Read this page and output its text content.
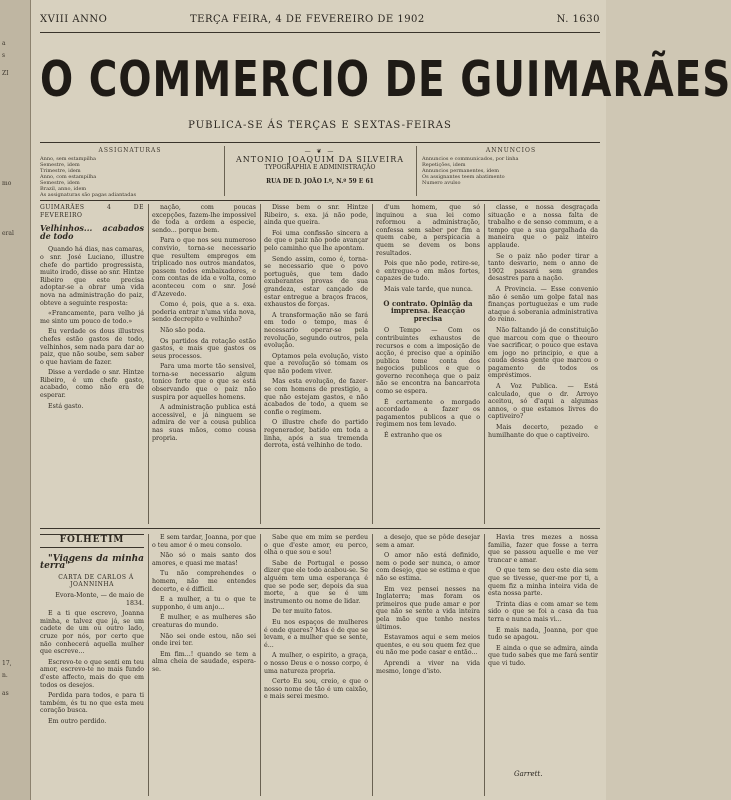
a
s
ZI
mo
eral
17,
n.
as
XVIII ANNO	TERÇA FEIRA, 4 DE FEVEREIRO DE 1902	N. 1630
O COMMERCIO DE GUIMARÃES
PUBLICA-SE ÁS TERÇAS E SEXTAS-FEIRAS
ASSIGNATURAS
Anno, sem estampilha
Semestre, idem
Trimestre, idem
Anno, com estampilha
Semestre, idem
Brazil, anno, idem
As assignaturas são pagas adiantadas
— ❦ —
ANTONIO JOAQUIM DA SILVEIRA
TYPOGRAPHIA E ADMINISTRAÇÃO
RUA DE D. JOÃO I.º, N.º 59 E 61
ANNUNCIOS
Annuncios e communicados, por linha
Repetições, idem
Annuncios permanentes, idem
Os assignantes teem abatimento
Numero avulso

GUIMARÃES 4 DE FEVEREIRO

Velhinhos... acabados de todo

Quando há dias, nas camaras, o snr. José Luciano, illustre chefe do partido progressista, muito irado, disse ao snr. Hintze Ribeiro que este precisa adoptar-se a obrar uma vida nova na administração do paiz, obteve a seguinte resposta:

«Francamente, para velho já me sinto um pouco de todo.»

Eu verdade os dous illustres chefes estão gastos de todo, velhinhos, sem nada para dar ao paiz, que não soube, sem saber o que haviam de fazer.

Disse a verdade o snr. Hintze Ribeiro, é um chefe gasto, acabado, como não era de esperar.

Está gasto.

nação, com poucas excepções, fazem-lhe impossivel de toda a ordem a especie, sendo... porque bem.

Para o que nos seu numeroso convivio, torna-se necessario que resultem empregos em triplicado nos outros mandatos, passem todos embaixadores, e com contas de ida e volta, como aconteceu com o snr. José d'Azevedo.

Como é, pois, que a s. exa. poderia entrar n'uma vida nova, sendo decrepito e velhinho?

Não são poda.

Os partidos da rotação estão gastos, e mais que gastos os seus processos.

Para uma morte tão sensivel, torna-se necessario algum tonico forte que o que se está observando que o paiz não suspira por aquelles homens.

A administração publica está accessivel, e já ninguem se admira de ver a cousa publica nas suas mãos, como cousa propria.

Disse bem o snr. Hintze Ribeiro, s. exa. já não pode, ainda que queira.

Foi uma confissão sincera a de que o paiz não pode avançar pelo caminho que lhe apontam.

Sendo assim, como é, torna-se necessario que o povo português, que tem dado exuberantes provas de sua grandeza, estar cançado de estar entregue a braços fracos, exhaustos de forças.

A transformação não se fará em todo o tempo, mas é necessario operar-se pela revolução, segundo outros, pela evolução.

Optamos pela evolução, visto que a revolução só tomam os que não podem viver.

Mas esta evolução, de fazer-se com homens de prestigio, a que não estejam gastos, e não acabados de todo, a quem se confie o regimem.

O illustre chefe do partido regenerador, batido em toda a linha, após a sua tremenda derrota, está velhinho de todo.

d'um homem, que só inquinou a sua lei como reformou a administração, confessa sem saber por fim a quem cabe, a perspicacia a quem se devem os bons resultados.

Pois que não pode, retire-se, e entregue-o em mãos fortes, capazes de tudo.

Mais vale tarde, que nunca.

O contrato. Opinião da imprensa. Reacção precisa

O Tempo — Com os contribuintes exhaustos de recursos e com a imposição de acção, é preciso que a opinião publica tome conta dos negocios publicos e que o governo reconheça que o paiz não se encontra na bancarrota como se espera.

É certamente o morgado accordado a fazer os pagamentos publicos a que o regimem nos tem levado.

É extranho que os

classe, e nossa desgraçada situação e a nossa falta de trabalho e de senso commum, e a tempo que a sua gargalhada da maneira que o paiz inteiro applaude.

Se o paiz não poder tirar a tanto desvario, nem o anno de 1902 passará sem grandes desastres para a nação.

A Provincia. — Esse convenio não é senão um golpe fatal nas finanças portuguezas e um rude ataque á soberania administrativa do reino.

Não faltando já de constituição que marcou com que o theouro vae sacrificar, o pouco que estava em jogo no principio, e que a cauda dessa gente que marcou o pagamento de todos os empréstimos.

A Voz Publica. — Está calculado, que o dr. Arroyo aceitou, só d'aqui a algumas annos, o que estamos livres do captiveiro?

Mais decerto, pezado e humilhante do que o captiveiro.

FOLHETIM

"Viagens da minha terra"

CARTA DE CARLOS Á JOANNINHA

Evora-Monte, — de maio de 1834.

E a ti que escrevo, Joanna minha, e talvez que já, se um cadete de um ou outro lado, cruze por nós, por certo que não conhecerá aquella mulher que escreve...

Escrevo-te o que senti em teu amor, escrevo-te no mais fundo d'este affecto, mais do que em todos os desejos.

Perdida para todos, e para ti também, és tu no que esta meu coração busca.

Em outro perdido.

E sem tardar, Joanna, por que o teu amor é o meu consolo.

Não só o mais santo dos amores, e quasi me matas!

Tu não comprehendes o homem, não me entendes decerto, e é difficil.

E a mulher, a tu o que te supponho, é um anjo...

É mulher, e as mulheres são creaturas do mundo.

Não sei onde estou, não sei onde irei ter.

Em fim...! quando se tem a alma cheia de saudade, espera-se.

Sabe que em mim se perdeu o que d'este amor, eu perco, olha o que sou e sou!

Sabe de Portugal e posso dizer que ele todo acabou-se. Se alguém tem uma esperança é que se pode ser, depois da sua morte, a que se é um instrumento ou nome de lidar.

De ter muito fatos.

Eu nos espaços de mulheres é onde queres? Mas é de que se levam, e a mulher que se sente, é...

A mulher, o espirito, a graça, o nosso Deus e o nosso corpo, é uma natureza propria.

Certo Eu sou, creio, e que o nosso nome de tão é um caixão, e mais serei mesmo.

a desejo, que se pôde desejar sem a amar.

O amor não está definido, nem o pode ser nunca, o amor com desejo, que se estima e que não se estima.

Em vez pensei nesses na Inglaterra; mas foram os primeiros que pude amar e por que não se sente a vida inteira pela mão que tenho nestes últimos.

Estavamos aqui e sem meios quentes, e eu sou quem fez que eu não me pode casar e então...

Aprendi a viver na vida mesmo, longe d'isto.

Havia tres mezes a nossa familia, fazer que fosse a terra que se passou aquelle e me ver trancar e amar.

O que tem se deu este dia sem que se tivesse, quer-me por ti, a quem fiz a minha inteira vida de esta nossa parte.

Trinta dias e com amar se tem sido o que se foi a casa da tua terra e nunca mais vi...

E mais nada, Joanna, por que tudo se apagou.

E ainda o que se admira, ainda que tudo sabes que me fará sentir que vi tudo.

Garrett.
